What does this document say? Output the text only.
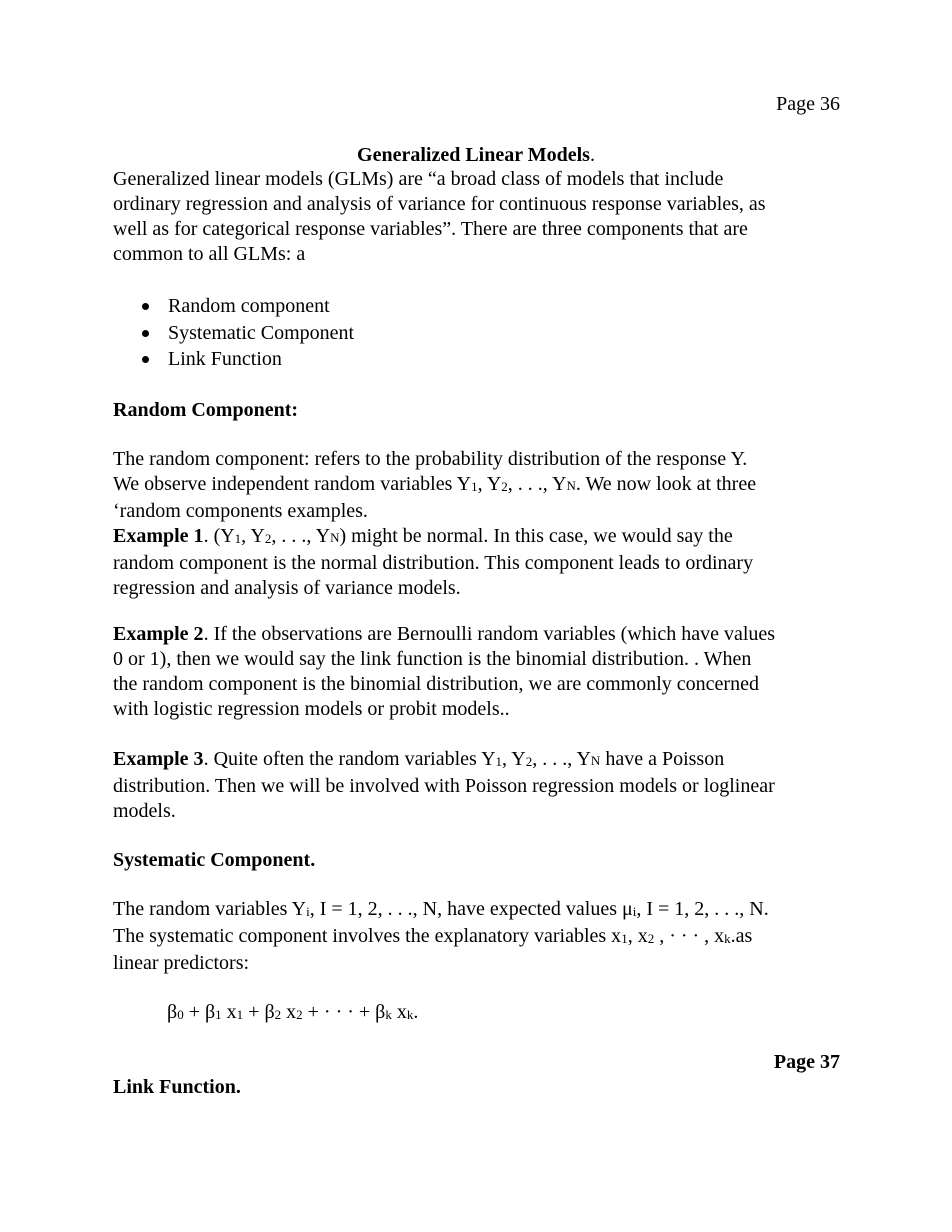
Page 36
Generalized Linear Models.
Generalized linear models (GLMs) are “a broad class of models that include
ordinary regression and analysis of variance for continuous response variables, as
well as for categorical response variables”. There are three components that are
common to all GLMs: a
Random component
Systematic Component
Link Function
Random Component:
The random component: refers to the probability distribution of the response Y.
We observe independent random variables Y1, Y2, . . ., YN. We now look at three
‘random components examples.
Example 1. (Y1, Y2, . . ., YN) might be normal. In this case, we would say the
random component is the normal distribution. This component leads to ordinary
regression and analysis of variance models.
Example 2. If the observations are Bernoulli random variables (which have values
0 or 1), then we would say the link function is the binomial distribution. . When
the random component is the binomial distribution, we are commonly concerned
with logistic regression models or probit models..
Example 3. Quite often the random variables Y1, Y2, . . ., YN have a Poisson
distribution. Then we will be involved with Poisson regression models or loglinear
models.
Systematic Component.
The random variables Yi, I = 1, 2, . . ., N, have expected values μi, I = 1, 2, . . ., N.
The systematic component involves the explanatory variables x1, x2 , · · · , xk.as
linear predictors:
β0 + β1 x1 + β2 x2 + · · · + βk xk.
Page 37
Link Function.
